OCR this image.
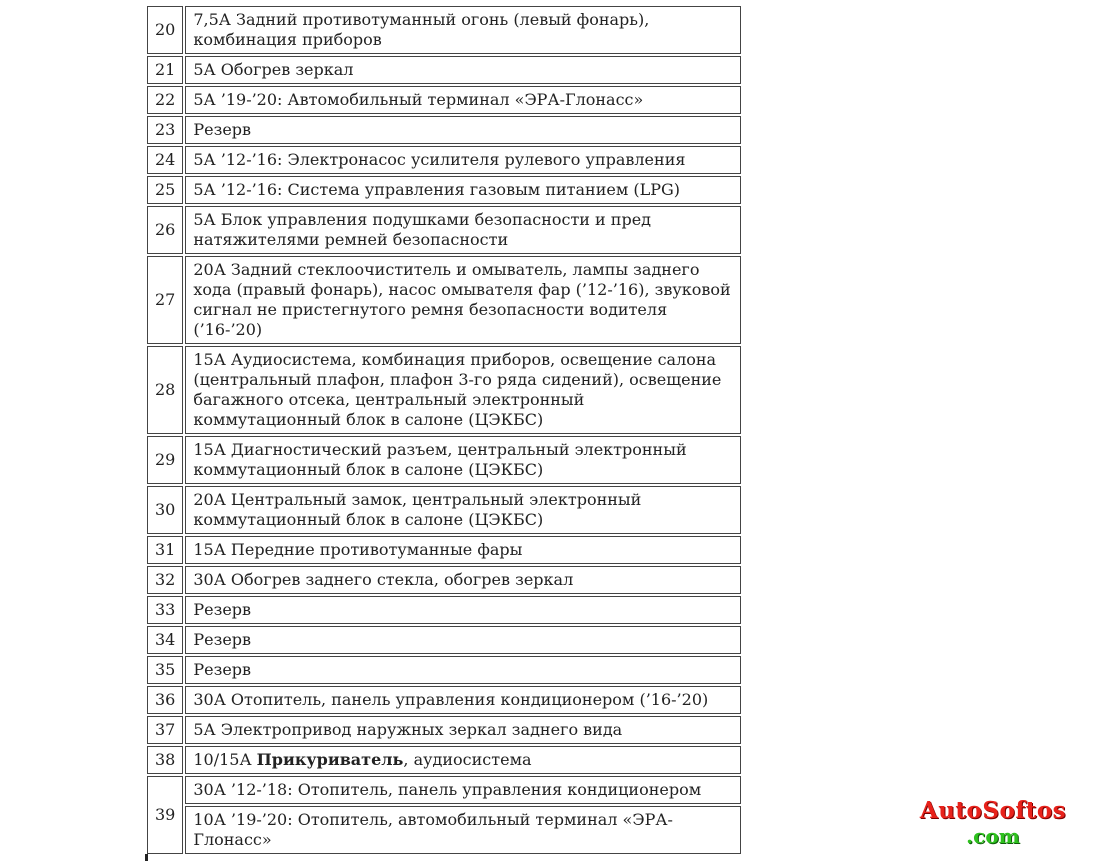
20	7,5А Задний противотуманный огонь (левый фонарь), комбинация приборов
21	5А Обогрев зеркал
22	5А ’19-’20: Автомобильный терминал «ЭРА-Глонасс»
23	Резерв
24	5А ’12-’16: Электронасос усилителя рулевого управления
25	5А ’12-’16: Система управления газовым питанием (LPG)
26	5А Блок управления подушками безопасности и пред натяжителями ремней безопасности
27	20А Задний стеклоочиститель и омыватель, лампы заднего хода (правый фонарь), насос омывателя фар (’12-’16), звуковой сигнал не пристегнутого ремня безопасности водителя (’16-’20)
28	15А Аудиосистема, комбинация приборов, освещение салона (центральный плафон, плафон 3-го ряда сидений), освещение багажного отсека, центральный электронный коммутационный блок в салоне (ЦЭКБС)
29	15А Диагностический разъем, центральный электронный коммутационный блок в салоне (ЦЭКБС)
30	20А Центральный замок, центральный электронный коммутационный блок в салоне (ЦЭКБС)
31	15А Передние противотуманные фары
32	30А Обогрев заднего стекла, обогрев зеркал
33	Резерв
34	Резерв
35	Резерв
36	30А Отопитель, панель управления кондиционером (’16-’20)
37	5А Электропривод наружных зеркал заднего вида
38	10/15А Прикуриватель, аудиосистема
39	30А ’12-’18: Отопитель, панель управления кондиционером
	10А ’19-’20: Отопитель, автомобильный терминал «ЭРА-Глонасс»
AutoSoftos
.com
